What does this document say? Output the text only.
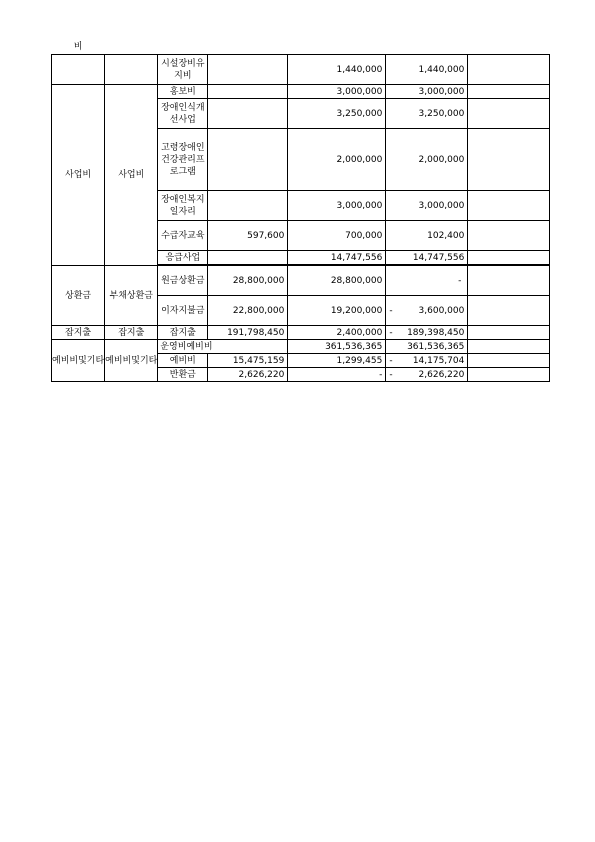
비		시설장비유지비		1,440,000	1,440,000	
사업비	사업비	홍보비		3,000,000	3,000,000	
		장애인식개선사업		3,250,000	3,250,000	
		고령장애인건강관리프로그램		2,000,000	2,000,000	
		장애인복지일자리		3,000,000	3,000,000	
		수급자교육	597,600	700,000	102,400	
		응급사업		14,747,556	14,747,556	

상환금	부채상환금	원금상환금	28,800,000	28,800,000	-	
		이자지불금	22,800,000	19,200,000	- 3,600,000	
잡지출	잡지출	잡지출	191,798,450	2,400,000	- 189,398,450	
예비비및기타	예비비및기타	운영비예비비		361,536,365	361,536,365	
		예비비	15,475,159	1,299,455	- 14,175,704	
		반환금	2,626,220	-	- 2,626,220	
